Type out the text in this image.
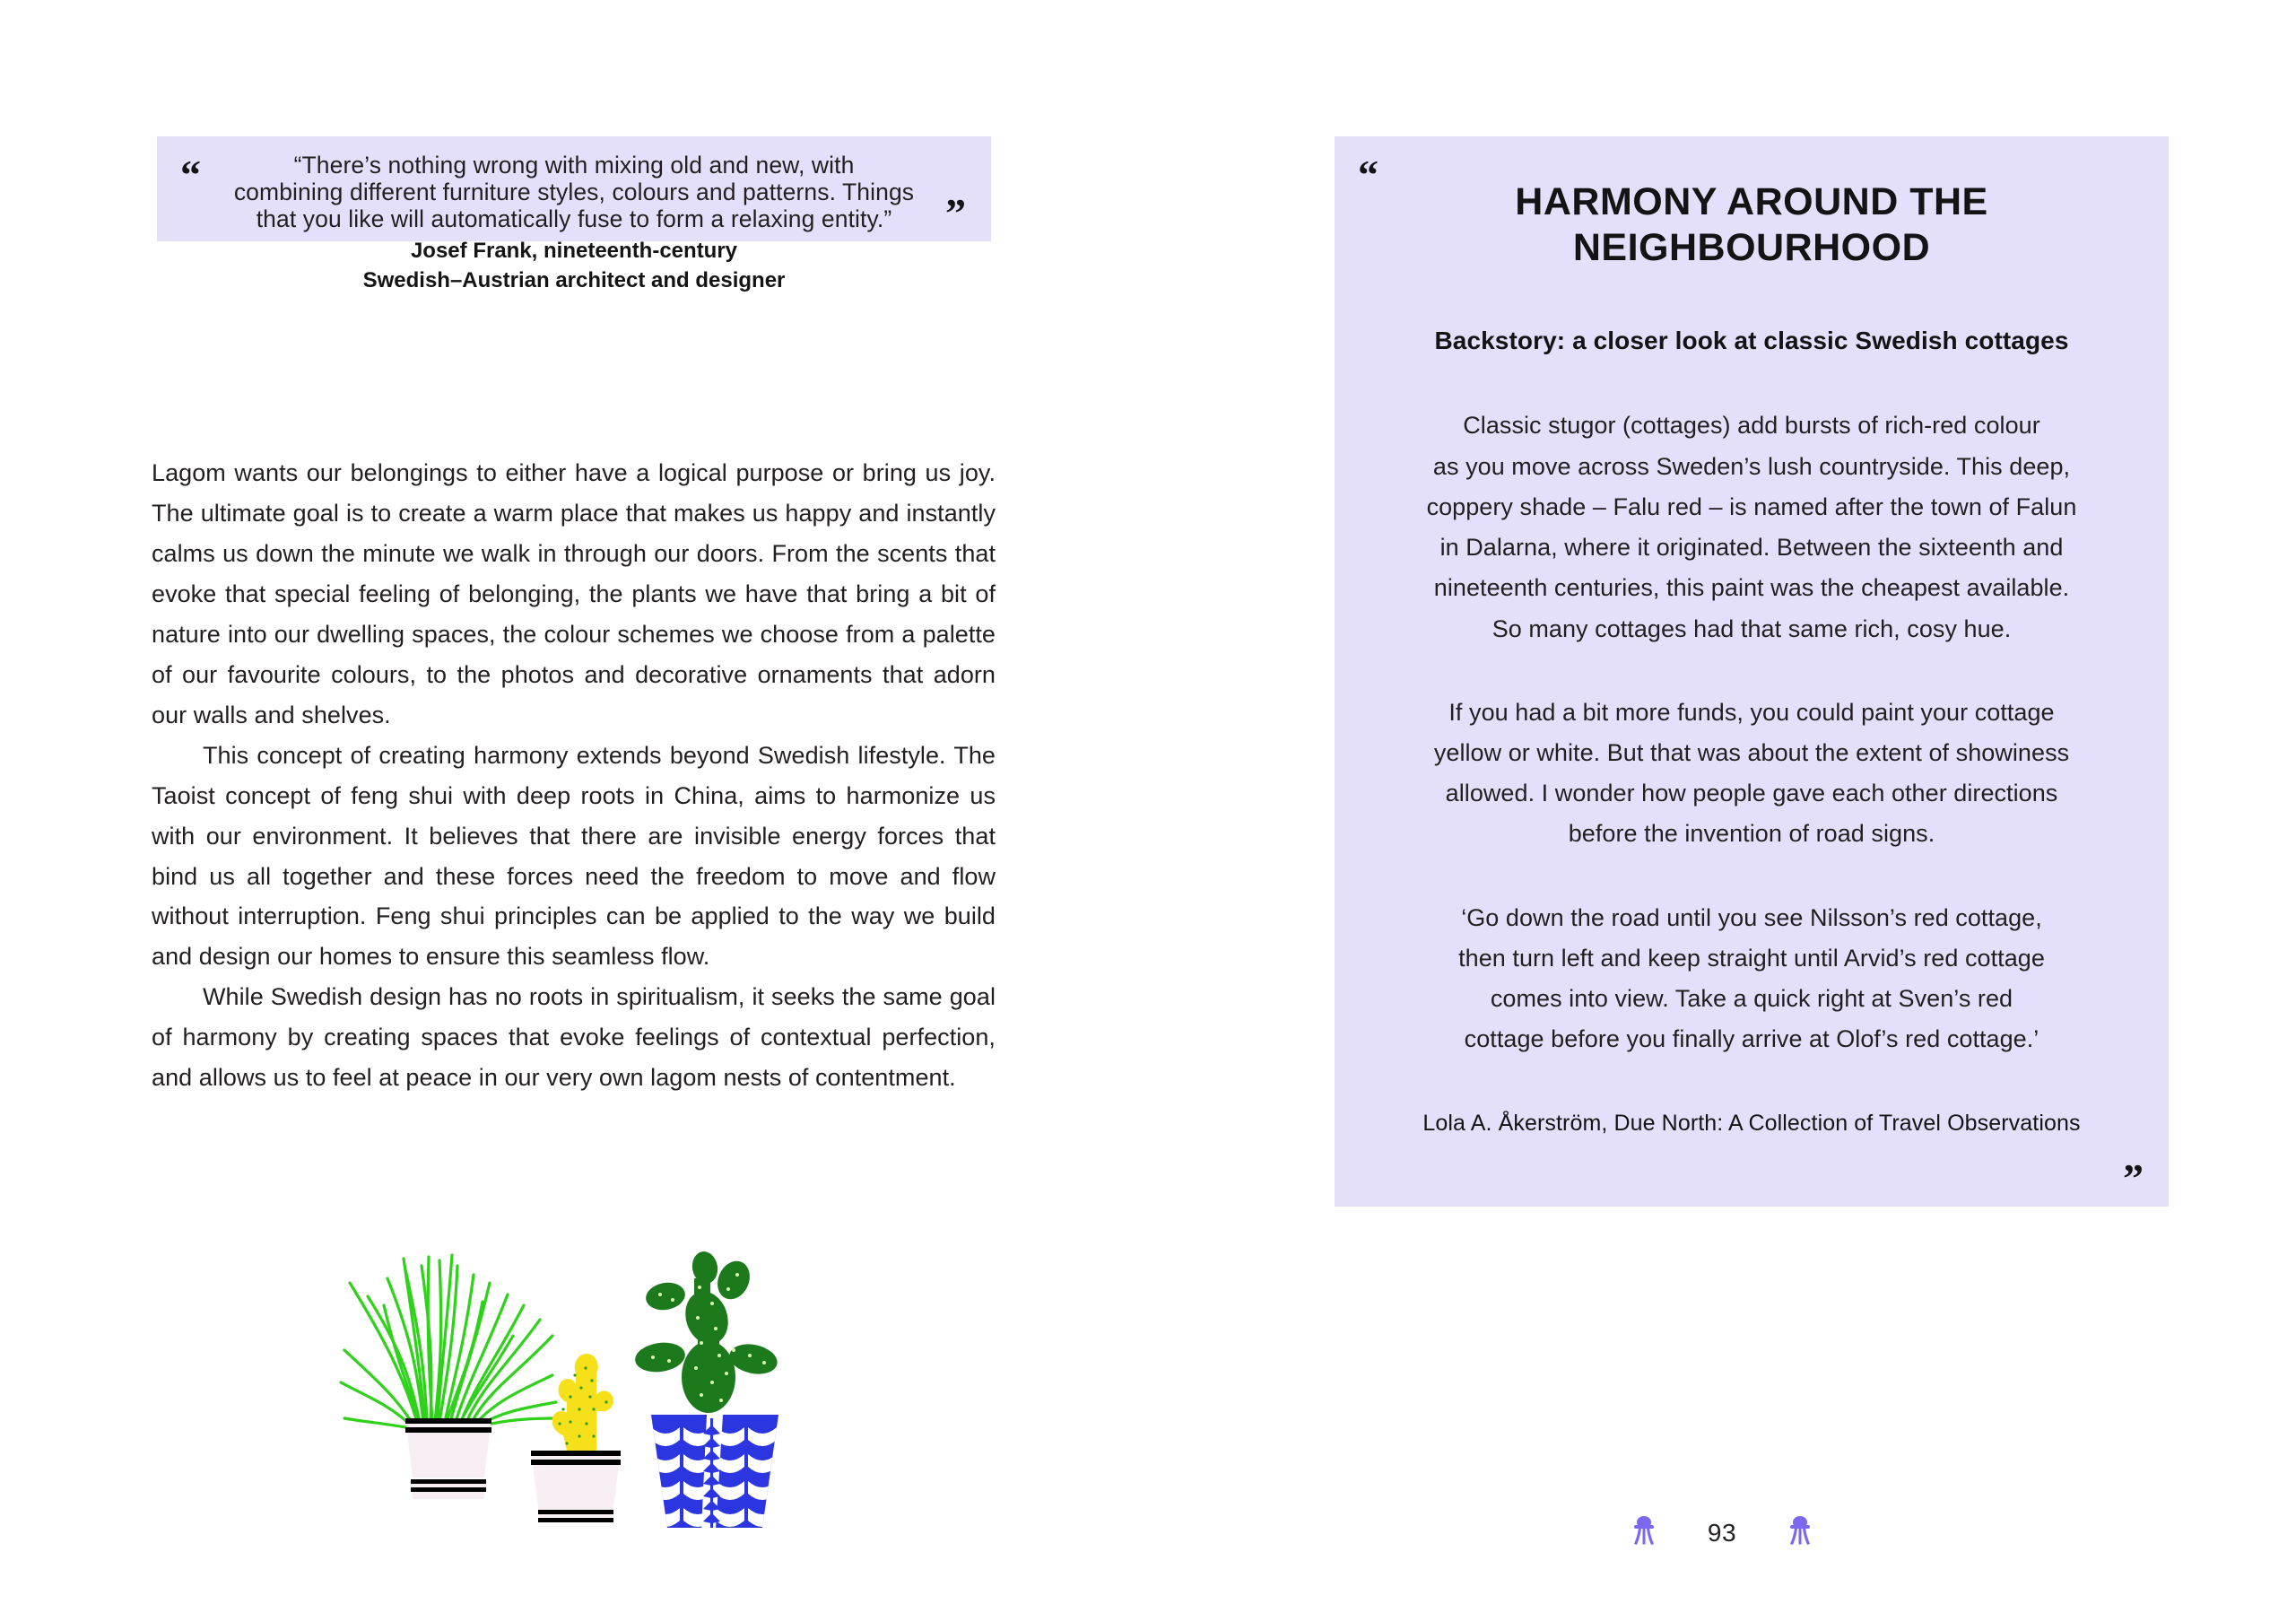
“
”
“There’s nothing wrong with mixing old and new, with
combining different furniture styles, colours and patterns. Things
that you like will automatically fuse to form a relaxing entity.”
Josef Frank, nineteenth-century
Swedish–Austrian architect and designer

Lagom wants our belongings to either have a logical purpose or bring us joy. The ultimate goal is to create a warm place that makes us happy and instantly calms us down the minute we walk in through our doors. From the scents that evoke that special feeling of belonging, the plants we have that bring a bit of nature into our dwelling spaces, the colour schemes we choose from a palette of our favourite colours, to the photos and decorative ornaments that adorn our walls and shelves.

This concept of creating harmony extends beyond Swedish lifestyle. The Taoist concept of feng shui with deep roots in China, aims to harmonize us with our environment. It believes that there are invisible energy forces that bind us all together and these forces need the freedom to move and flow without interruption. Feng shui principles can be applied to the way we build and design our homes to ensure this seamless flow.

While Swedish design has no roots in spiritualism, it seeks the same goal of harmony by creating spaces that evoke feelings of contextual perfection, and allows us to feel at peace in our very own lagom nests of contentment.

“
”
HARMONY AROUND THE NEIGHBOURHOOD
Backstory: a closer look at classic Swedish cottages
Classic stugor (cottages) add bursts of rich-red colour
as you move across Sweden’s lush countryside. This deep,
coppery shade – Falu red – is named after the town of Falun
in Dalarna, where it originated. Between the sixteenth and
nineteenth centuries, this paint was the cheapest available.
So many cottages had that same rich, cosy hue.
If you had a bit more funds, you could paint your cottage
yellow or white. But that was about the extent of showiness
allowed. I wonder how people gave each other directions
before the invention of road signs.
‘Go down the road until you see Nilsson’s red cottage,
then turn left and keep straight until Arvid’s red cottage
comes into view. Take a quick right at Sven’s red
cottage before you finally arrive at Olof’s red cottage.’
Lola A. Åkerström, Due North: A Collection of Travel Observations
93
